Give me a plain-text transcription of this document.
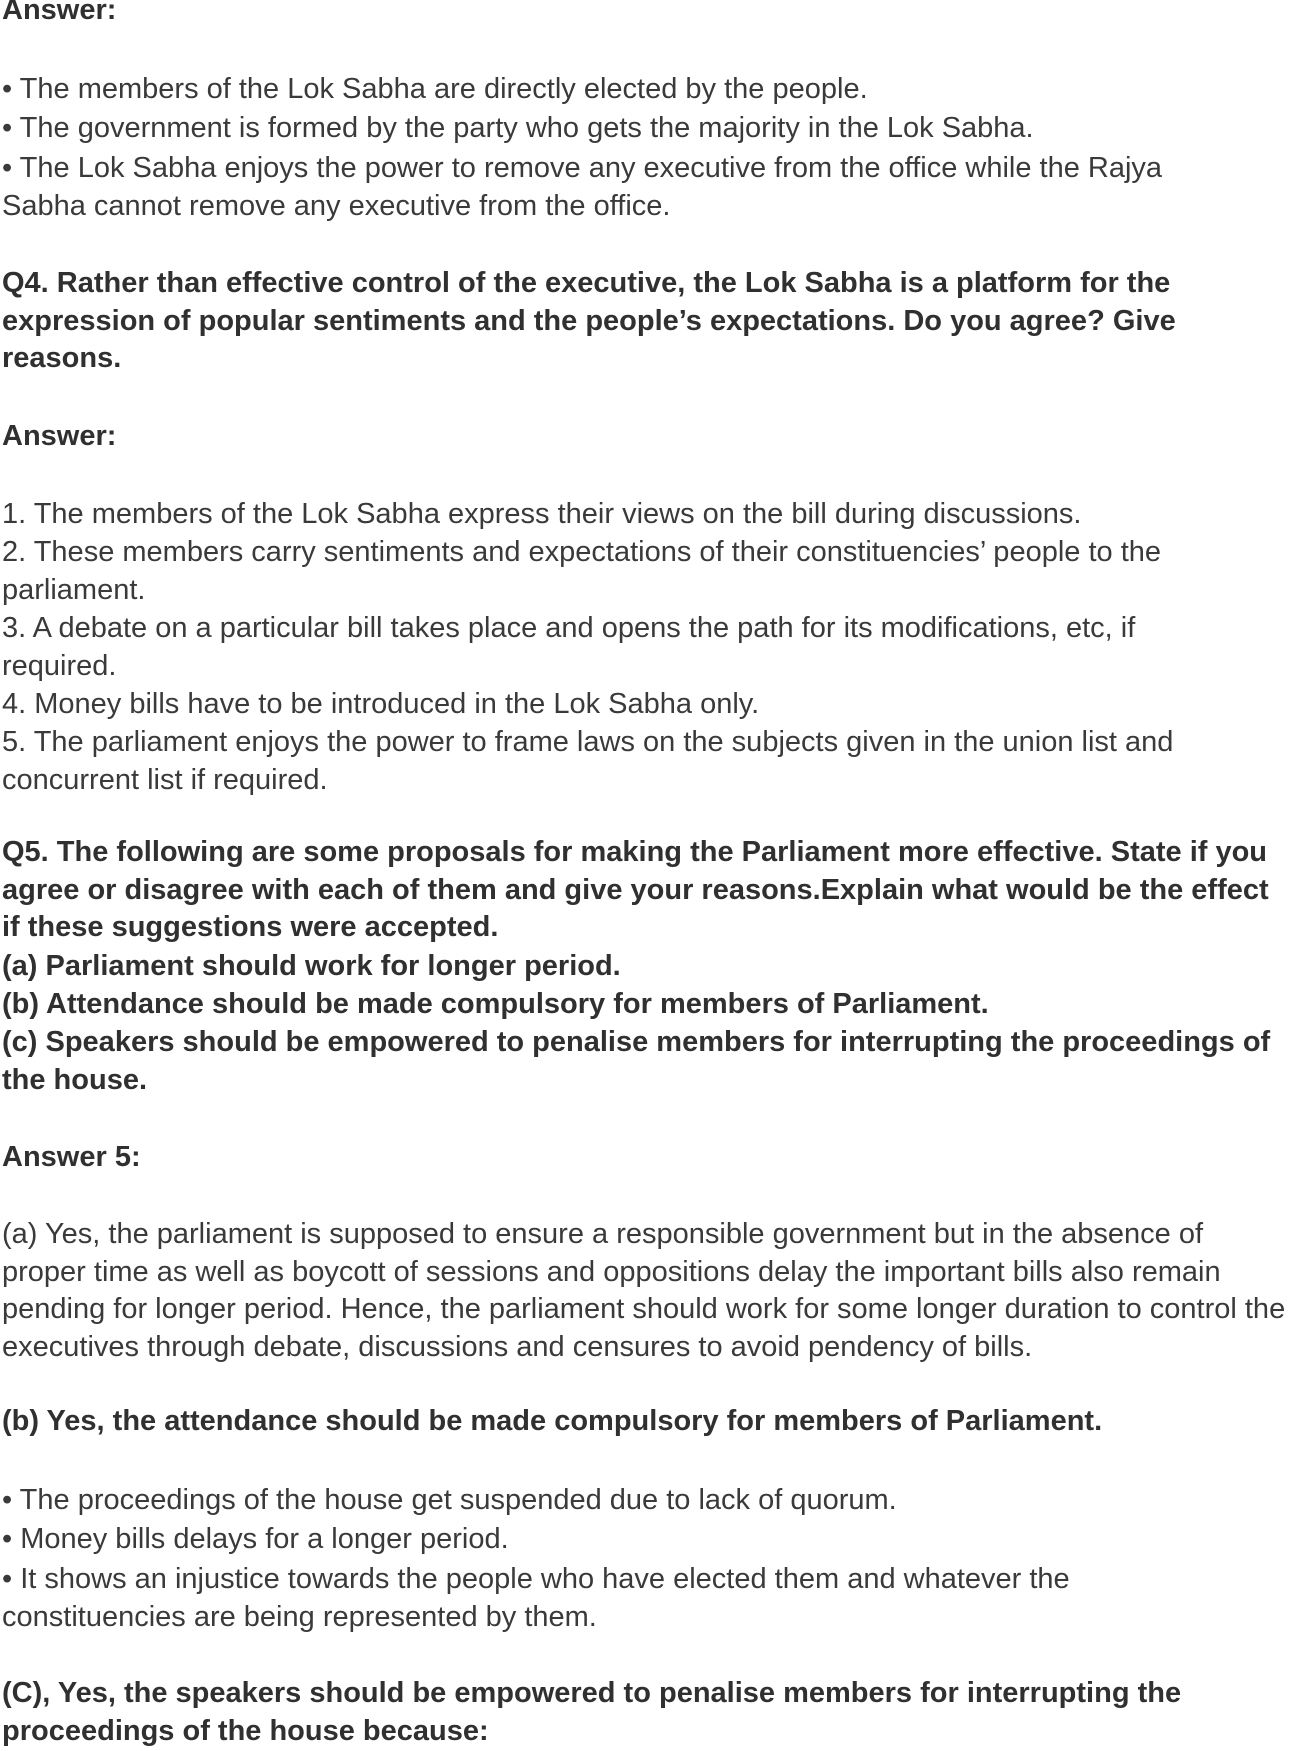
Answer:

• The members of the Lok Sabha are directly elected by the people.

• The government is formed by the party who gets the majority in the Lok Sabha.

• The Lok Sabha enjoys the power to remove any executive from the office while the Rajya Sabha cannot remove any executive from the office.

Q4. Rather than effective control of the executive, the Lok Sabha is a platform for the expression of popular sentiments and the people’s expectations. Do you agree? Give reasons.

Answer:

1. The members of the Lok Sabha express their views on the bill during discussions.

2. These members carry sentiments and expectations of their constituencies’ people to the parliament.

3. A debate on a particular bill takes place and opens the path for its modifications, etc, if required.

4. Money bills have to be introduced in the Lok Sabha only.

5. The parliament enjoys the power to frame laws on the subjects given in the union list and concurrent list if required.

Q5. The following are some proposals for making the Parliament more effective. State if you agree or disagree with each of them and give your reasons.Explain what would be the effect if these suggestions were accepted.

(a) Parliament should work for longer period.

(b) Attendance should be made compulsory for members of Parliament.

(c) Speakers should be empowered to penalise members for interrupting the proceedings of the house.

Answer 5:

(a) Yes, the parliament is supposed to ensure a responsible government but in the absence of proper time as well as boycott of sessions and oppositions delay the important bills also remain pending for longer period. Hence, the parliament should work for some longer duration to control the executives through debate, discussions and censures to avoid pendency of bills.

(b) Yes, the attendance should be made compulsory for members of Parliament.

• The proceedings of the house get suspended due to lack of quorum.

• Money bills delays for a longer period.

• It shows an injustice towards the people who have elected them and whatever the constituencies are being represented by them.

(C), Yes, the speakers should be empowered to penalise members for interrupting the proceedings of the house because:
